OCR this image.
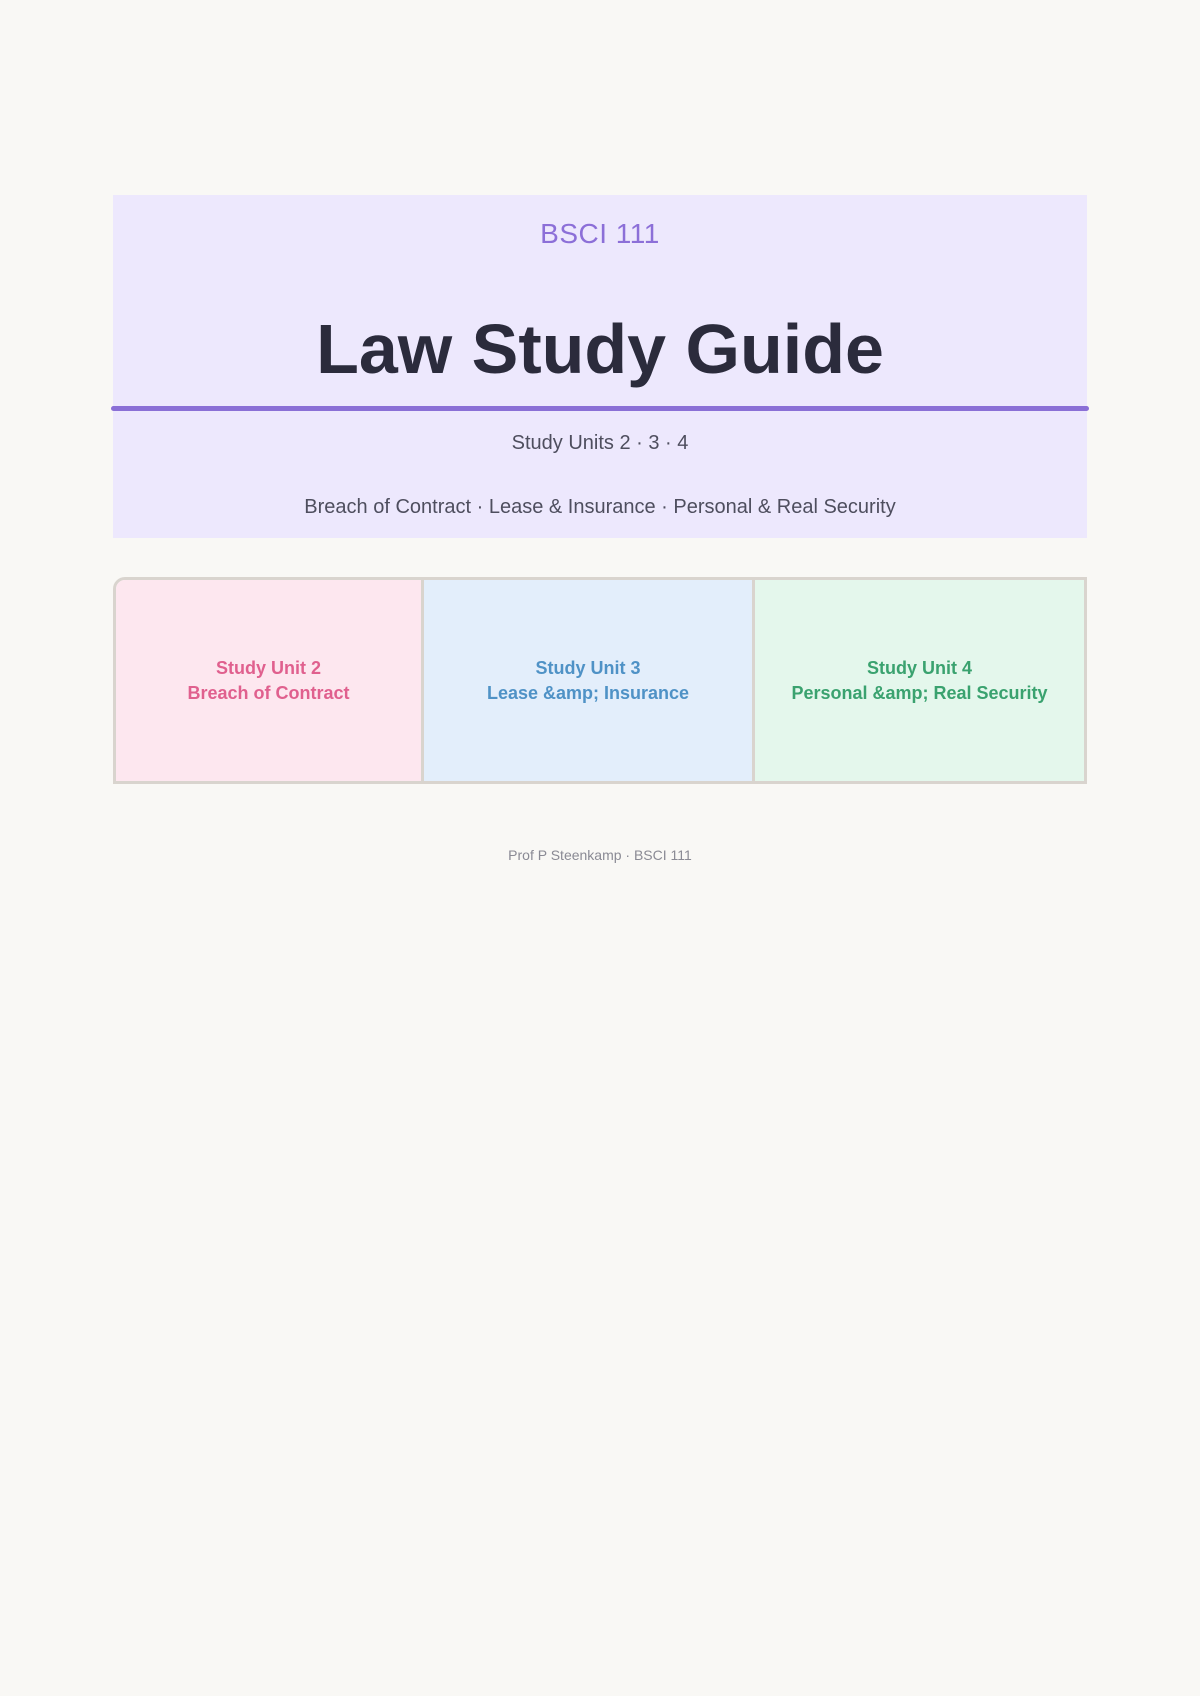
BSCI 111
Law Study Guide
Study Units 2 · 3 · 4
Breach of Contract · Lease & Insurance · Personal & Real Security
Study Unit 2
Breach of Contract
Study Unit 3
Lease &amp; Insurance
Study Unit 4
Personal &amp; Real Security
Prof P Steenkamp · BSCI 111
